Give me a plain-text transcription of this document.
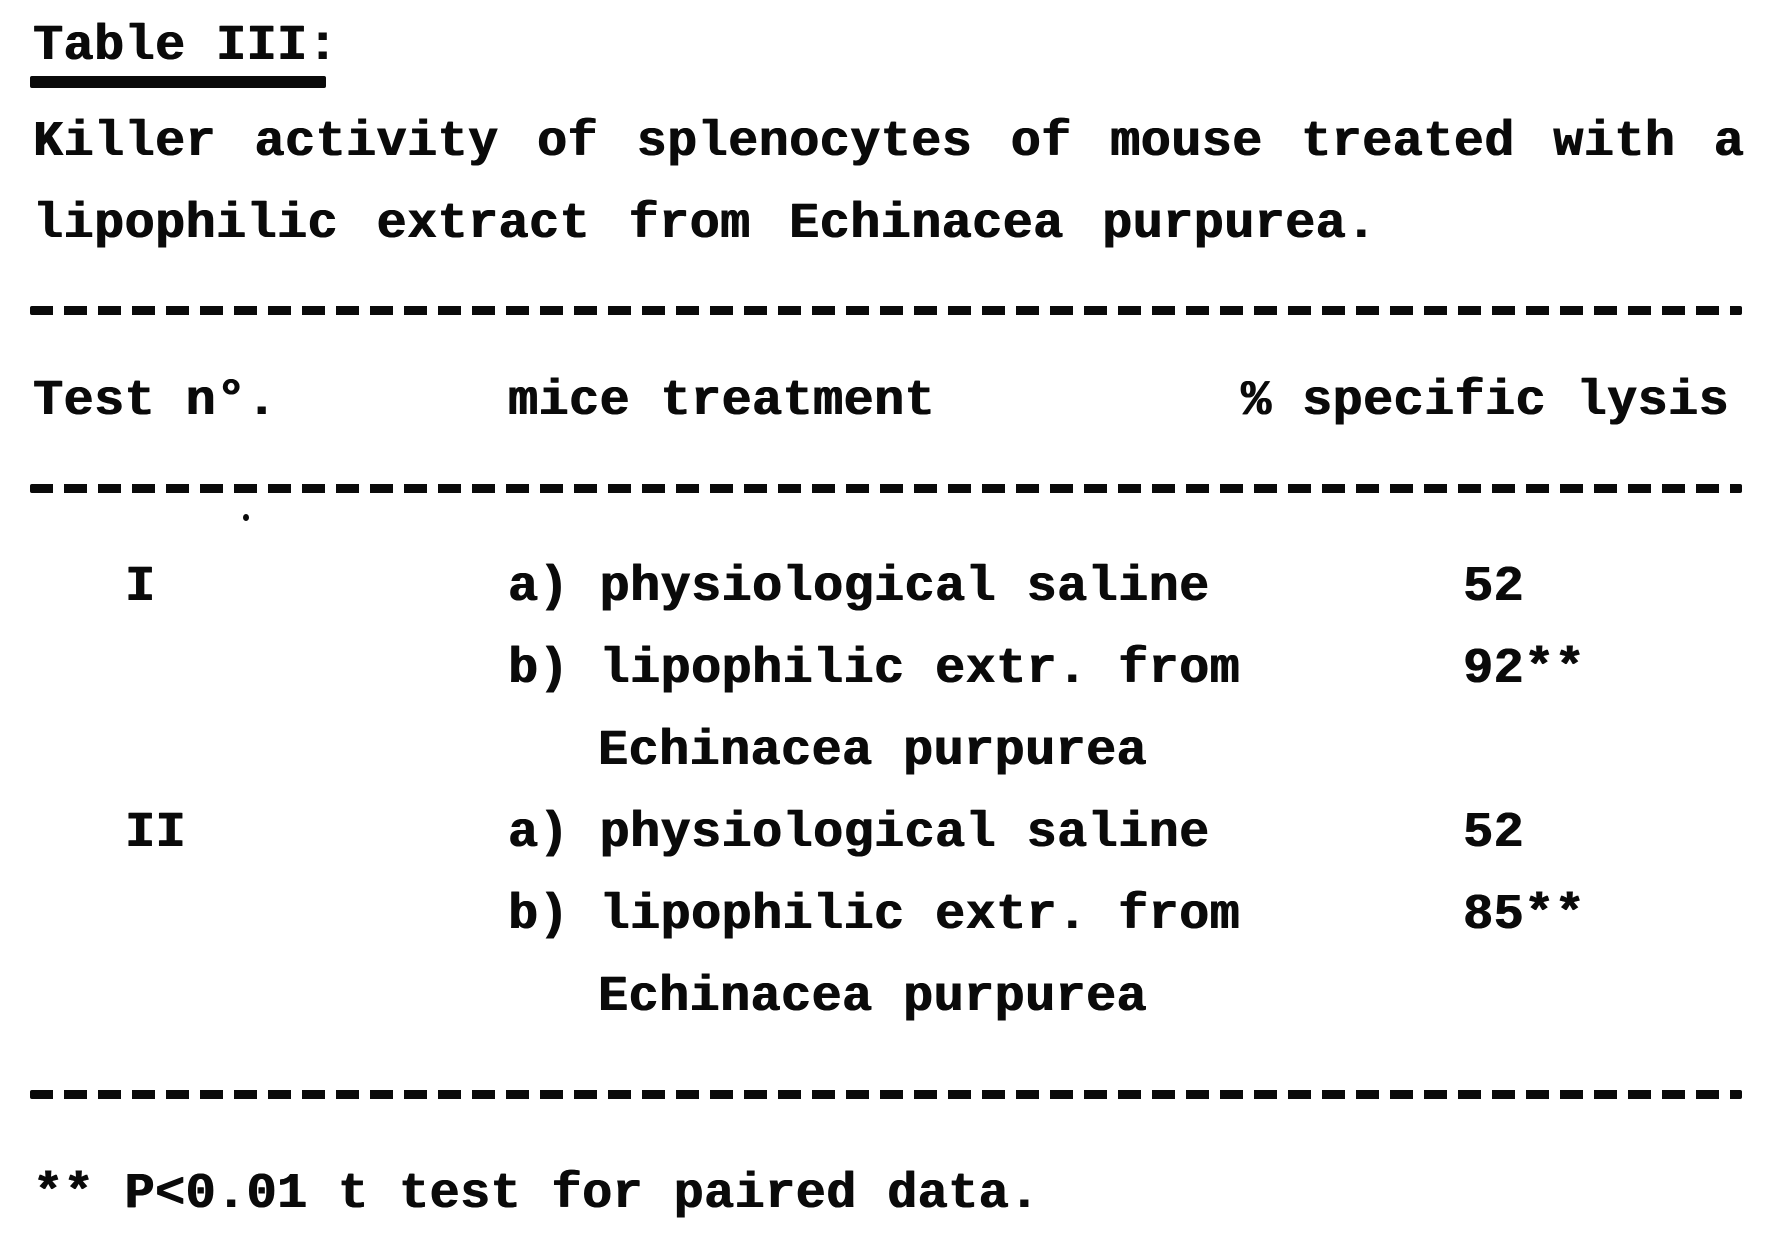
Table III:
Killer activity of splenocytes of mouse treated with a
lipophilic extract from Echinacea purpurea.
Test n°.	mice treatment	% specific lysis
I	a) physiological saline	52
b) lipophilic extr. from	92**
Echinacea purpurea
II	a) physiological saline	52
b) lipophilic extr. from	85**
Echinacea purpurea
** P<0.01 t test for paired data.
